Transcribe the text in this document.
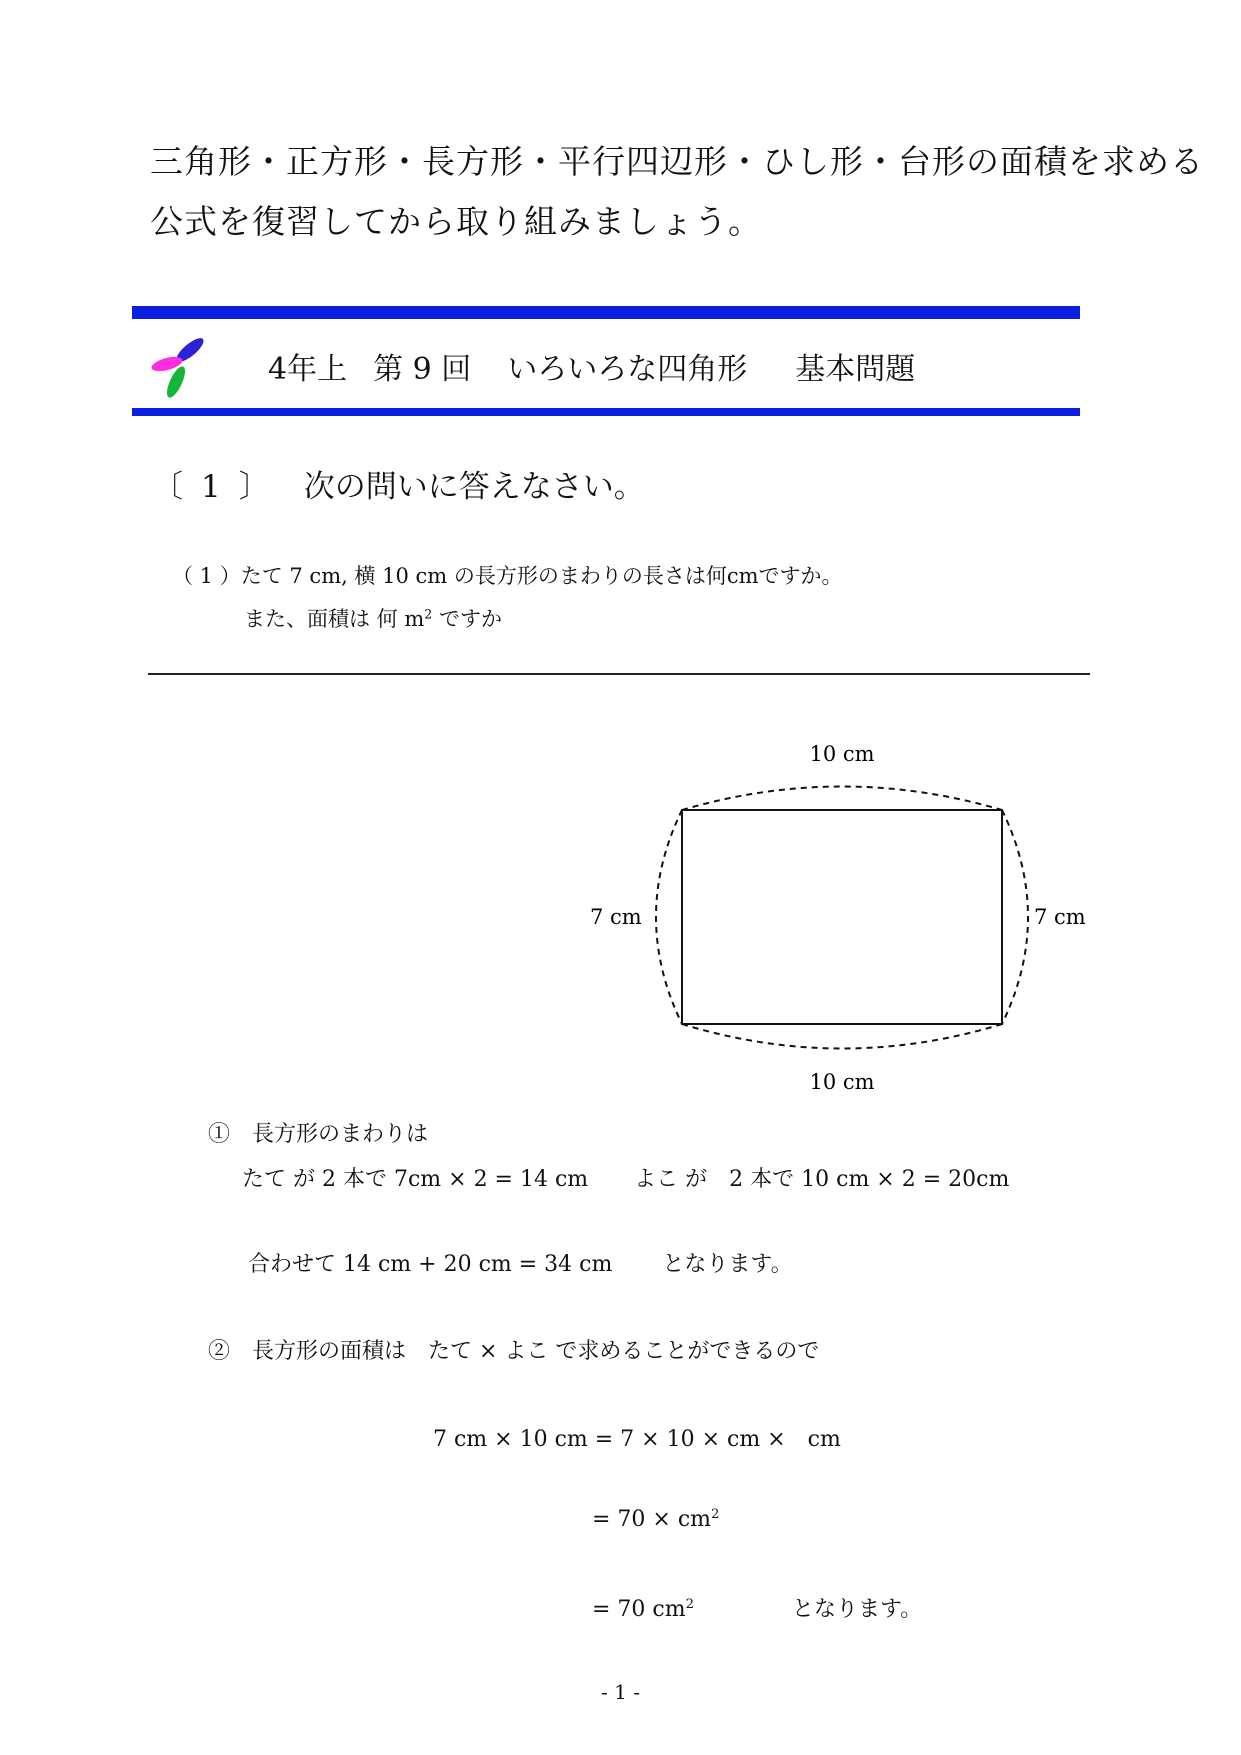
三角形・正方形・長方形・平行四辺形・ひし形・台形の面積を求める
公式を復習してから取り組みましょう。
4年上 第 9 回 いろいろな四角形 基本問題
〔 1 〕 次の問いに答えなさい。
（ 1 ）たて 7 cm, 横 10 cm の長方形のまわりの長さは何cmですか。
また、面積は 何 $m^2$ ですか
10 cm
10 cm
7 cm	7 cm
①　長方形のまわりは
たて が 2 本で 7cm × 2 = 14 cm よこ が　2 本で 10 cm × 2 = 20cm
合わせて 14 cm + 20 cm = 34 cm となります。
②　長方形の面積は　たて × よこ で求めることができるので
7 cm × 10 cm = 7 × 10 × cm ×　cm
= $70 \times cm^2$
= 70 $cm^2$	となります。
- 1 -
